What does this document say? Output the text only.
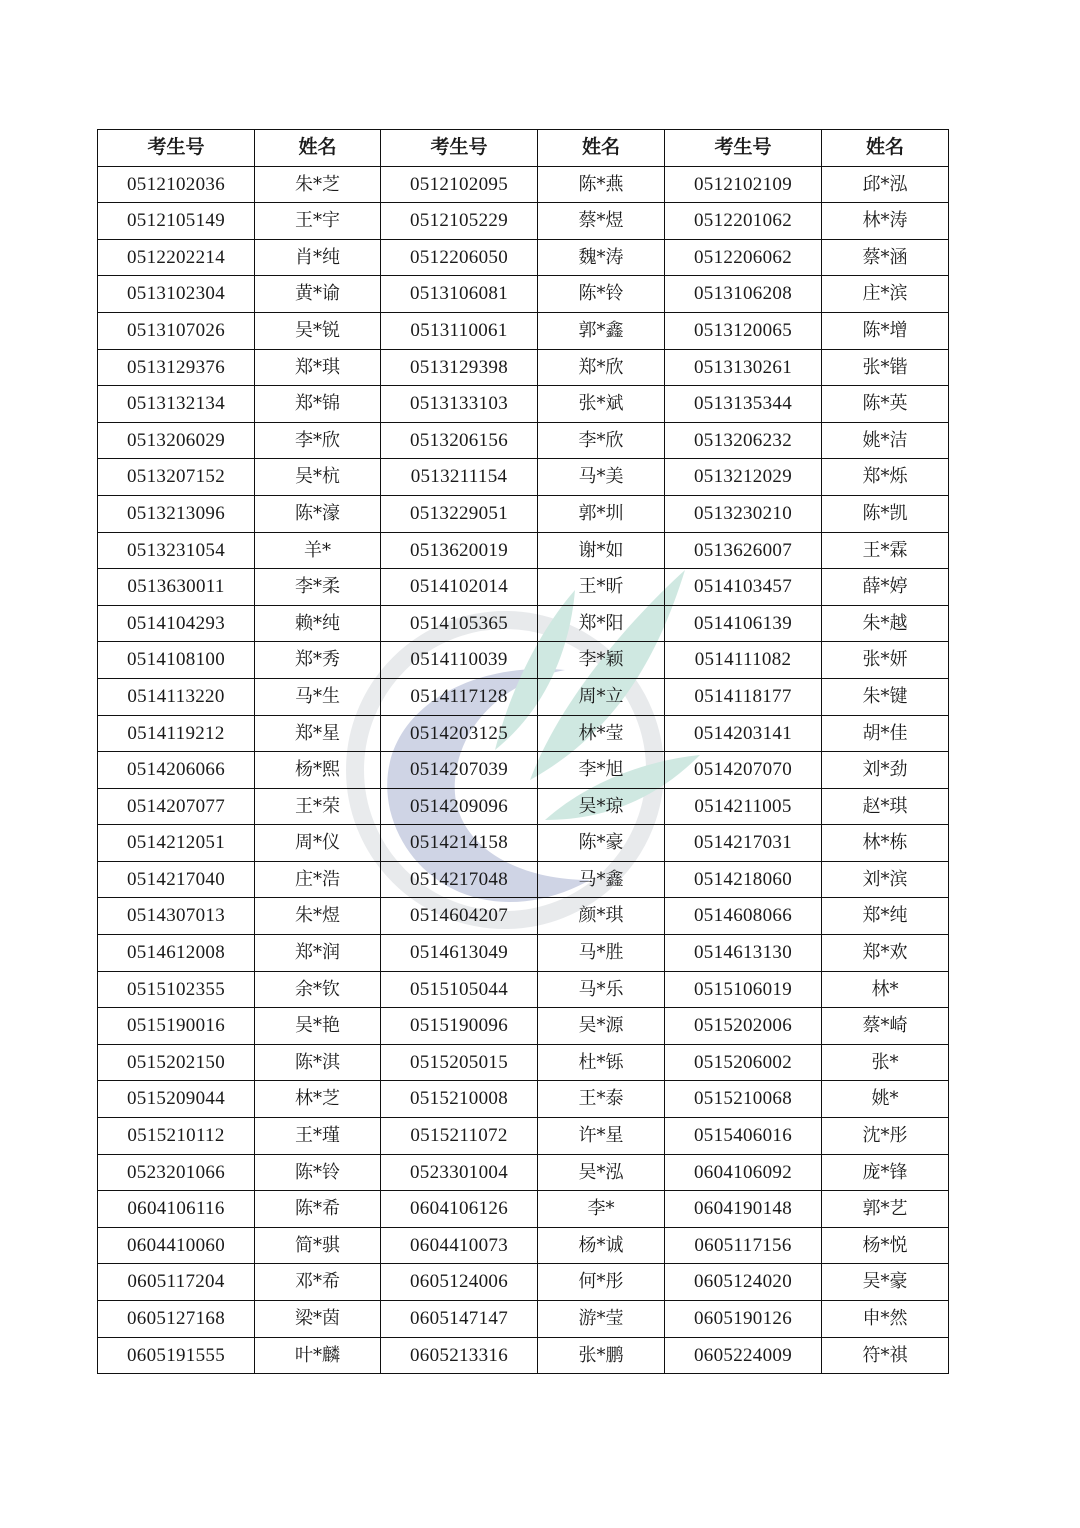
考生号	姓名	考生号	姓名	考生号	姓名
0512102036	朱*芝	0512102095	陈*燕	0512102109	邱*泓
0512105149	王*宇	0512105229	蔡*煜	0512201062	林*涛
0512202214	肖*纯	0512206050	魏*涛	0512206062	蔡*涵
0513102304	黄*谕	0513106081	陈*铃	0513106208	庄*滨
0513107026	吴*锐	0513110061	郭*鑫	0513120065	陈*增
0513129376	郑*琪	0513129398	郑*欣	0513130261	张*锴
0513132134	郑*锦	0513133103	张*斌	0513135344	陈*英
0513206029	李*欣	0513206156	李*欣	0513206232	姚*洁
0513207152	吴*杭	0513211154	马*美	0513212029	郑*烁
0513213096	陈*濠	0513229051	郭*圳	0513230210	陈*凯
0513231054	羊*	0513620019	谢*如	0513626007	王*霖
0513630011	李*柔	0514102014	王*昕	0514103457	薛*婷
0514104293	赖*纯	0514105365	郑*阳	0514106139	朱*越
0514108100	郑*秀	0514110039	李*颖	0514111082	张*妍
0514113220	马*生	0514117128	周*立	0514118177	朱*键
0514119212	郑*星	0514203125	林*莹	0514203141	胡*佳
0514206066	杨*熙	0514207039	李*旭	0514207070	刘*劲
0514207077	王*荣	0514209096	吴*琼	0514211005	赵*琪
0514212051	周*仪	0514214158	陈*豪	0514217031	林*栋
0514217040	庄*浩	0514217048	马*鑫	0514218060	刘*滨
0514307013	朱*煜	0514604207	颜*琪	0514608066	郑*纯
0514612008	郑*润	0514613049	马*胜	0514613130	郑*欢
0515102355	余*钦	0515105044	马*乐	0515106019	林*
0515190016	吴*艳	0515190096	吴*源	0515202006	蔡*崎
0515202150	陈*淇	0515205015	杜*铄	0515206002	张*
0515209044	林*芝	0515210008	王*泰	0515210068	姚*
0515210112	王*瑾	0515211072	许*星	0515406016	沈*彤
0523201066	陈*铃	0523301004	吴*泓	0604106092	庞*锋
0604106116	陈*希	0604106126	李*	0604190148	郭*艺
0604410060	简*骐	0604410073	杨*诚	0605117156	杨*悦
0605117204	邓*希	0605124006	何*彤	0605124020	吴*豪
0605127168	梁*茵	0605147147	游*莹	0605190126	申*然
0605191555	叶*麟	0605213316	张*鹏	0605224009	符*祺
